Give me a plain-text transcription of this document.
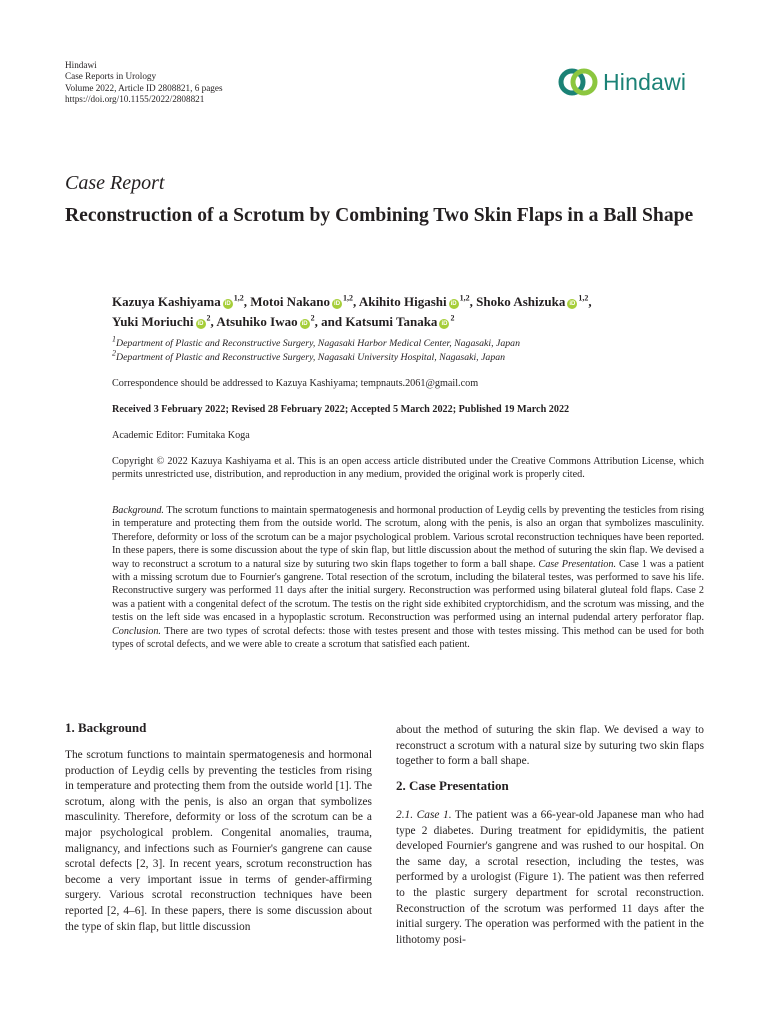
Hindawi
Case Reports in Urology
Volume 2022, Article ID 2808821, 6 pages
https://doi.org/10.1155/2022/2808821
Hindawi
Case Report
Reconstruction of a Scrotum by Combining Two Skin Flaps in a Ball Shape
Kazuya Kashiyama iD$^{1,2}$, Motoi Nakano iD$^{1,2}$, Akihito Higashi iD$^{1,2}$, Shoko Ashizuka iD$^{1,2}$,
Yuki Moriuchi $iD^2$, Atsuhiko Iwao $iD^2$, and Katsumi Tanaka $iD^2$
$^1$Department of Plastic and Reconstructive Surgery, Nagasaki Harbor Medical Center, Nagasaki, Japan
$^2$Department of Plastic and Reconstructive Surgery, Nagasaki University Hospital, Nagasaki, Japan
Correspondence should be addressed to Kazuya Kashiyama; tempnauts.2061@gmail.com
Received 3 February 2022; Revised 28 February 2022; Accepted 5 March 2022; Published 19 March 2022
Academic Editor: Fumitaka Koga
Copyright © 2022 Kazuya Kashiyama et al. This is an open access article distributed under the Creative Commons Attribution License, which permits unrestricted use, distribution, and reproduction in any medium, provided the original work is properly cited.
Background. The scrotum functions to maintain spermatogenesis and hormonal production of Leydig cells by preventing the testicles from rising in temperature and protecting them from the outside world. The scrotum, along with the penis, is also an organ that symbolizes masculinity. Therefore, deformity or loss of the scrotum can be a major psychological problem. Various scrotal reconstruction techniques have been reported. In these papers, there is some discussion about the type of skin flap, but little discussion about the method of suturing the skin flap. We devised a way to reconstruct a scrotum to a natural size by suturing two skin flaps together to form a ball shape. Case Presentation. Case 1 was a patient with a missing scrotum due to Fournier's gangrene. Total resection of the scrotum, including the bilateral testes, was performed to save his life. Reconstructive surgery was performed 11 days after the initial surgery. Reconstruction was performed using bilateral gluteal fold flaps. Case 2 was a patient with a congenital defect of the scrotum. The testis on the right side exhibited cryptorchidism, and the scrotum was missing, and the testis on the left side was encased in a hypoplastic scrotum. Reconstruction was performed using an internal pudendal artery perforator flap. Conclusion. There are two types of scrotal defects: those with testes present and those with testes missing. This method can be used for both types of scrotal defects, and we were able to create a scrotum that satisfied each patient.
1. Background
The scrotum functions to maintain spermatogenesis and hormonal production of Leydig cells by preventing the testicles from rising in temperature and protecting them from the outside world [1]. The scrotum, along with the penis, is also an organ that symbolizes masculinity. Therefore, deformity or loss of the scrotum can be a major psychological problem. Congenital anomalies, trauma, malignancy, and infections such as Fournier's gangrene can cause scrotal defects [2, 3]. In recent years, scrotum reconstruction has become a very important issue in terms of gender-affirming surgery. Various scrotal reconstruction techniques have been reported [2, 4–6]. In these papers, there is some discussion about the type of skin flap, but little discussion
about the method of suturing the skin flap. We devised a way to reconstruct a scrotum with a natural size by suturing two skin flaps together to form a ball shape.
2. Case Presentation
2.1. Case 1. The patient was a 66-year-old Japanese man who had type 2 diabetes. During treatment for epididymitis, the patient developed Fournier's gangrene and was rushed to our hospital. On the same day, a scrotal resection, including the testes, was performed by a urologist (Figure 1). The patient was then referred to the plastic surgery department for scrotal reconstruction. Reconstruction of the scrotum was performed 11 days after the initial surgery. The operation was performed with the patient in the lithotomy posi-
